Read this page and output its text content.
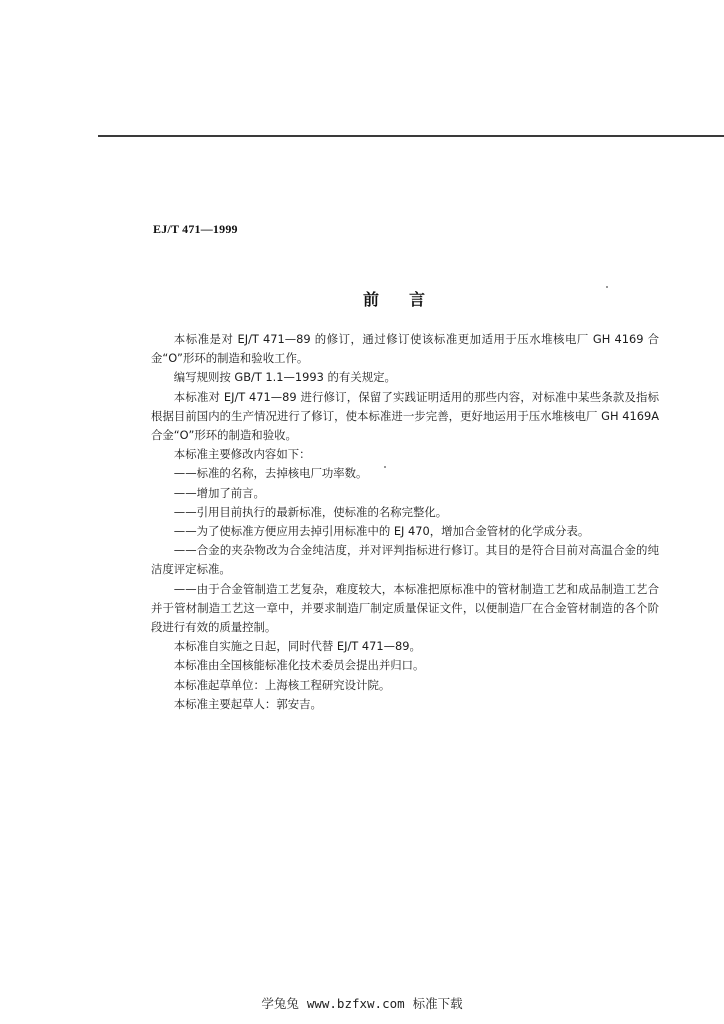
EJ/T 471—1999
前 言

本标准是对 EJ/T 471—89 的修订，通过修订使该标准更加适用于压水堆核电厂 GH 4169 合金“O”形环的制造和验收工作。

编写规则按 GB/T 1.1—1993 的有关规定。

本标准对 EJ/T 471—89 进行修订，保留了实践证明适用的那些内容，对标准中某些条款及指标根据目前国内的生产情况进行了修订，使本标准进一步完善，更好地运用于压水堆核电厂 GH 4169A 合金“O”形环的制造和验收。

本标准主要修改内容如下：

——标准的名称，去掉核电厂功率数。

——增加了前言。

——引用目前执行的最新标准，使标准的名称完整化。

——为了使标准方便应用去掉引用标准中的 EJ 470，增加合金管材的化学成分表。

——合金的夹杂物改为合金纯洁度，并对评判指标进行修订。其目的是符合目前对高温合金的纯洁度评定标准。

——由于合金管制造工艺复杂，难度较大，本标准把原标准中的管材制造工艺和成品制造工艺合并于管材制造工艺这一章中，并要求制造厂制定质量保证文件，以便制造厂在合金管材制造的各个阶段进行有效的质量控制。

本标准自实施之日起，同时代替 EJ/T 471—89。

本标准由全国核能标准化技术委员会提出并归口。

本标准起草单位：上海核工程研究设计院。

本标准主要起草人：郭安吉。

学兔兔 www.bzfxw.com 标准下载
